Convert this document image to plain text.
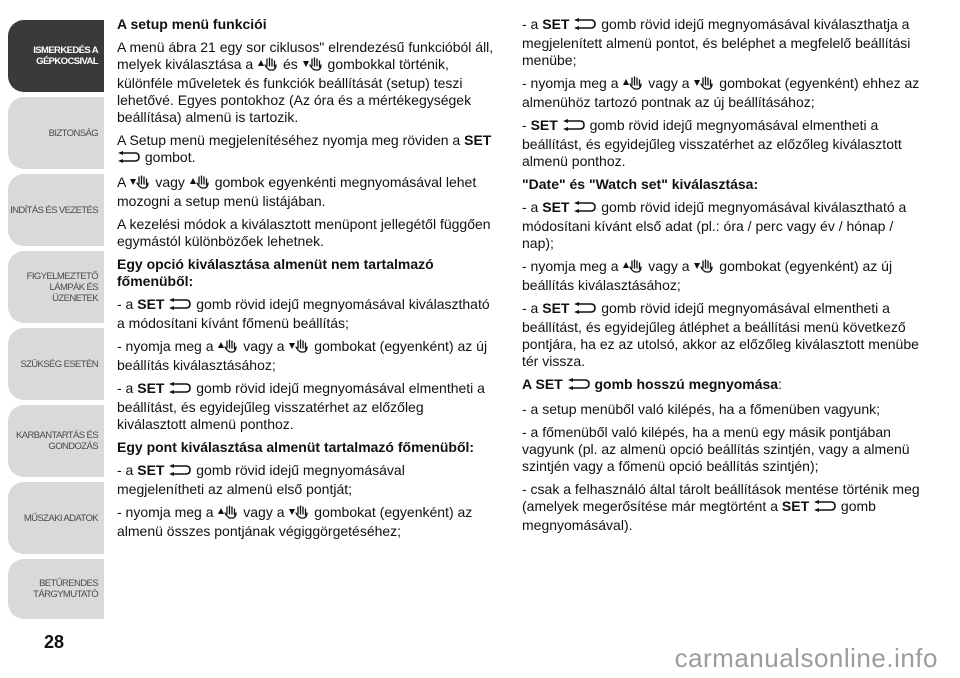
ISMERKEDÉS A GÉPKOCSIVAL
BIZTONSÁG
INDÍTÁS ÉS VEZETÉS
FIGYELMEZTETŐ LÁMPÁK ÉS ÜZENETEK
SZÜKSÉG ESETÉN
KARBANTARTÁS ÉS GONDOZÁS
MŰSZAKI ADATOK
BETŰRENDES TÁRGYMUTATÓ
28

A setup menü funkciói

A menü ábra 21 egy sor ciklusos" elrendezésű funkcióból áll, melyek kiválasztása a és gombokkal történik, különféle műveletek és funkciók beállítását (setup) teszi lehetővé. Egyes pontokhoz (Az óra és a mértékegységek beállítása) almenü is tartozik.

A Setup menü megjelenítéséhez nyomja meg röviden a SET  gombot.

A vagy gombok egyenkénti megnyomásával lehet mozogni a setup menü listájában.

A kezelési módok a kiválasztott menüpont jellegétől függően egymástól különbözőek lehetnek.

Egy opció kiválasztása almenüt nem tartalmazó főmenüből:

- a SET gomb rövid idejű megnyomásával kiválasztható a módosítani kívánt főmenü beállítás;

- nyomja meg a vagy a gombokat (egyenként) az új beállítás kiválasztásához;

- a SET gomb rövid idejű megnyomásával elmentheti a beállítást, és egyidejűleg visszatérhet az előzőleg kiválasztott almenü ponthoz.

Egy pont kiválasztása almenüt tartalmazó főmenüből:

- a SET gomb rövid idejű megnyomásával megjelenítheti az almenü első pontját;

- nyomja meg a vagy a gombokat (egyenként) az almenü összes pontjának végiggörgetéséhez;

- a SET gomb rövid idejű megnyomásával kiválaszthatja a megjelenített almenü pontot, és beléphet a megfelelő beállítási menübe;

- nyomja meg a vagy a gombokat (egyenként) ehhez az almenühöz tartozó pontnak az új beállításához;

- SET gomb rövid idejű megnyomásával elmentheti a beállítást, és egyidejűleg visszatérhet az előzőleg kiválasztott almenü ponthoz.

"Date" és "Watch set" kiválasztása:

- a SET gomb rövid idejű megnyomásával kiválasztható a módosítani kívánt első adat (pl.: óra / perc vagy év / hónap / nap);

- nyomja meg a vagy a gombokat (egyenként) az új beállítás kiválasztásához;

- a SET gomb rövid idejű megnyomásával elmentheti a beállítást, és egyidejűleg átléphet a beállítási menü következő pontjára, ha ez az utolsó, akkor az előzőleg kiválasztott menübe tér vissza.

A SET gomb hosszú megnyomása:

- a setup menüből való kilépés, ha a főmenüben vagyunk;

- a főmenüből való kilépés, ha a menü egy másik pontjában vagyunk (pl. az almenü opció beállítás szintjén, vagy a almenü szintjén vagy a főmenü opció beállítás szintjén);

- csak a felhasználó által tárolt beállítások mentése történik meg (amelyek megerősítése már megtörtént a SET gomb megnyomásával).

carmanualsonline.info
